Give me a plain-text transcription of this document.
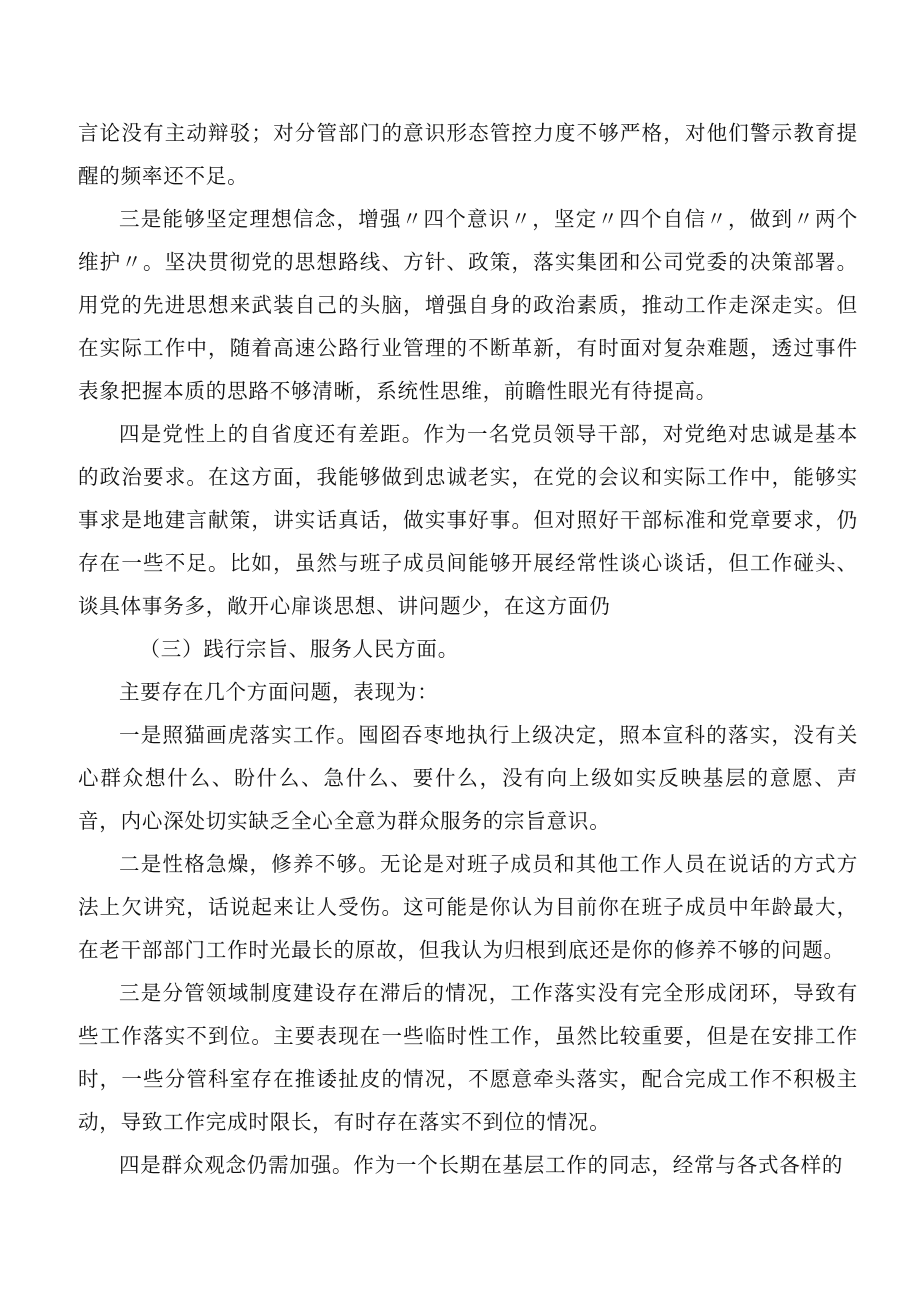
言论没有主动辩驳；对分管部门的意识形态管控力度不够严格，对他们警示教育提醒的频率还不足。

三是能够坚定理想信念，增强〃四个意识〃，坚定〃四个自信〃，做到〃两个维护〃。坚决贯彻党的思想路线、方针、政策，落实集团和公司党委的决策部署。用党的先进思想来武装自己的头脑，增强自身的政治素质，推动工作走深走实。但在实际工作中，随着高速公路行业管理的不断革新，有时面对复杂难题，透过事件表象把握本质的思路不够清晰，系统性思维，前瞻性眼光有待提高。

四是党性上的自省度还有差距。作为一名党员领导干部，对党绝对忠诚是基本的政治要求。在这方面，我能够做到忠诚老实，在党的会议和实际工作中，能够实事求是地建言献策，讲实话真话，做实事好事。但对照好干部标准和党章要求，仍存在一些不足。比如，虽然与班子成员间能够开展经常性谈心谈话，但工作碰头、谈具体事务多，敞开心扉谈思想、讲问题少，在这方面仍

（三）践行宗旨、服务人民方面。

主要存在几个方面问题，表现为：

一是照猫画虎落实工作。囤囵吞枣地执行上级决定，照本宣科的落实，没有关心群众想什么、盼什么、急什么、要什么，没有向上级如实反映基层的意愿、声音，内心深处切实缺乏全心全意为群众服务的宗旨意识。

二是性格急燥，修养不够。无论是对班子成员和其他工作人员在说话的方式方法上欠讲究，话说起来让人受伤。这可能是你认为目前你在班子成员中年龄最大，在老干部部门工作时光最长的原故，但我认为归根到底还是你的修养不够的问题。

三是分管领域制度建设存在滞后的情况，工作落实没有完全形成闭环，导致有些工作落实不到位。主要表现在一些临时性工作，虽然比较重要，但是在安排工作时，一些分管科室存在推诿扯皮的情况，不愿意牵头落实，配合完成工作不积极主动，导致工作完成时限长，有时存在落实不到位的情况。

四是群众观念仍需加强。作为一个长期在基层工作的同志，经常与各式各样的
